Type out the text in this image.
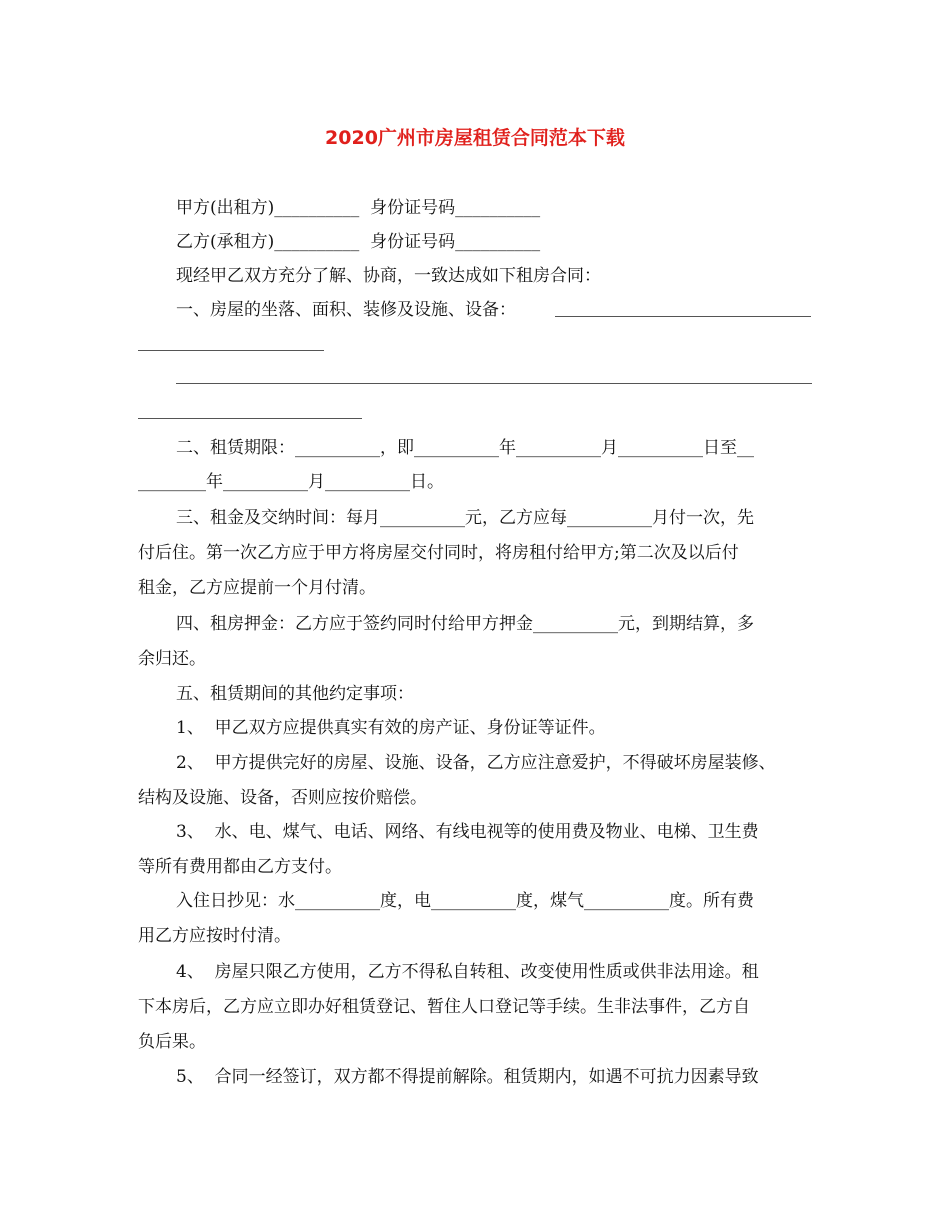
2020广州市房屋租赁合同范本下载
甲方(出租方)__________  身份证号码__________
乙方(承租方)__________  身份证号码__________
现经甲乙双方充分了解、协商，一致达成如下租房合同：
一、房屋的坐落、面积、装修及设施、设备：
二、租赁期限：__________，即__________年__________月__________日至__
________年__________月__________日。
三、租金及交纳时间：每月__________元，乙方应每__________月付一次，先
付后住。第一次乙方应于甲方将房屋交付同时，将房租付给甲方;第二次及以后付
租金，乙方应提前一个月付清。
四、租房押金：乙方应于签约同时付给甲方押金__________元，到期结算，多
余归还。
五、租赁期间的其他约定事项：
1、  甲乙双方应提供真实有效的房产证、身份证等证件。
2、  甲方提供完好的房屋、设施、设备，乙方应注意爱护，不得破坏房屋装修、
结构及设施、设备，否则应按价赔偿。
3、  水、电、煤气、电话、网络、有线电视等的使用费及物业、电梯、卫生费
等所有费用都由乙方支付。
入住日抄见：水__________度，电__________度，煤气__________度。所有费
用乙方应按时付清。
4、  房屋只限乙方使用，乙方不得私自转租、改变使用性质或供非法用途。租
下本房后，乙方应立即办好租赁登记、暂住人口登记等手续。生非法事件，乙方自
负后果。
5、  合同一经签订，双方都不得提前解除。租赁期内，如遇不可抗力因素导致
